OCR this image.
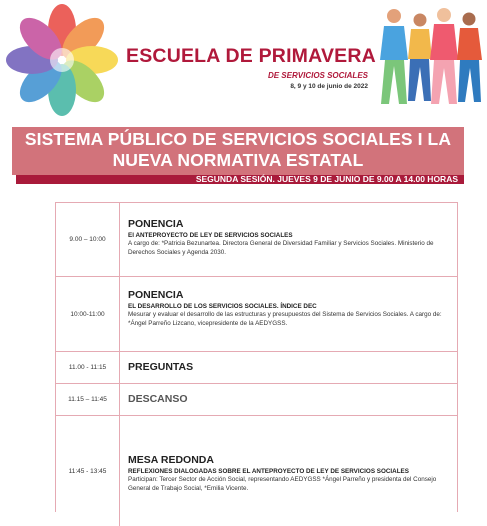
ESCUELA DE PRIMAVERA
DE SERVICIOS SOCIALES
8, 9 y 10 de junio de 2022
SISTEMA PÚBLICO DE SERVICIOS SOCIALES I LA
NUEVA NORMATIVA ESTATAL
SEGUNDA SESIÓN. JUEVES 9 DE JUNIO DE 9.00 A 14.00 HORAS
9.00 – 10:00
PONENCIA
El ANTEPROYECTO DE LEY DE SERVICIOS SOCIALES
A cargo de: *Patricia Bezunartea. Directora General de Diversidad Familiar y Servicios Sociales. Ministerio de Derechos Sociales y Agenda 2030.
10:00-11:00
PONENCIA
EL DESARROLLO DE LOS SERVICIOS SOCIALES. ÍNDICE DEC
Mesurar y evaluar el desarrollo de las estructuras y presupuestos del Sistema de Servicios Sociales. A cargo de: *Ángel Parreño Lizcano, vicepresidente de la AEDYGSS.
11.00 - 11:15	PREGUNTAS
11.15 – 11:45	DESCANSO
11:45 - 13:45
MESA REDONDA
REFLEXIONES DIALOGADAS SOBRE EL ANTEPROYECTO DE LEY DE SERVICIOS SOCIALES
Participan: Tercer Sector de Acción Social, representando AEDYGSS *Ángel Parreño y presidenta del Consejo General de Trabajo Social, *Emilia Vicente.
